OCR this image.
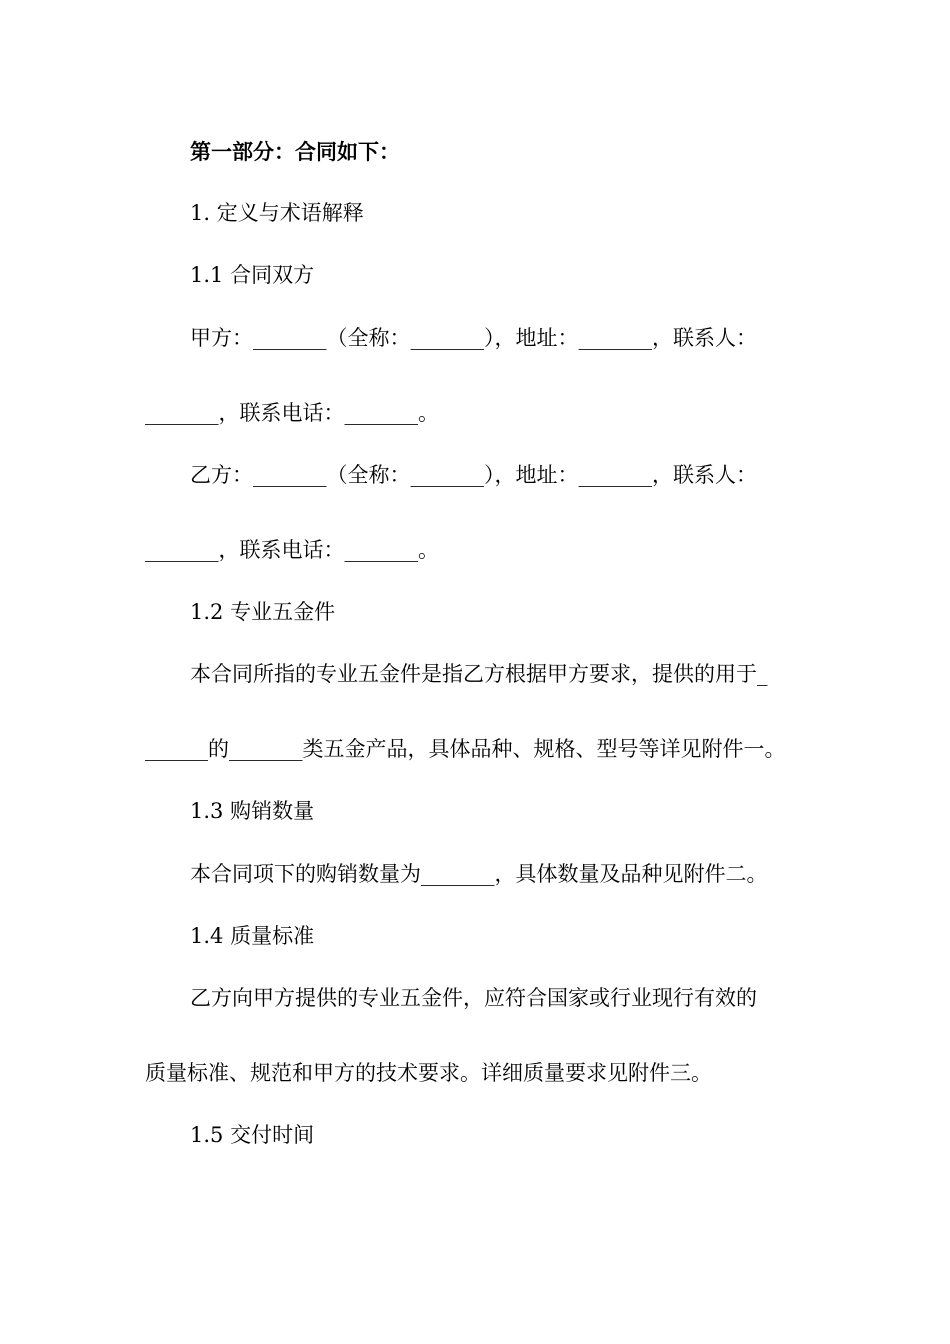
第一部分：合同如下：
1. 定义与术语解释
1.1 合同双方
甲方：_______（全称：_______），地址：_______，联系人：
_______，联系电话：_______。
乙方：_______（全称：_______），地址：_______，联系人：
_______，联系电话：_______。
1.2 专业五金件
本合同所指的专业五金件是指乙方根据甲方要求，提供的用于_
______的_______类五金产品，具体品种、规格、型号等详见附件一。
1.3 购销数量
本合同项下的购销数量为_______，具体数量及品种见附件二。
1.4 质量标准
乙方向甲方提供的专业五金件，应符合国家或行业现行有效的
质量标准、规范和甲方的技术要求。详细质量要求见附件三。
1.5 交付时间
